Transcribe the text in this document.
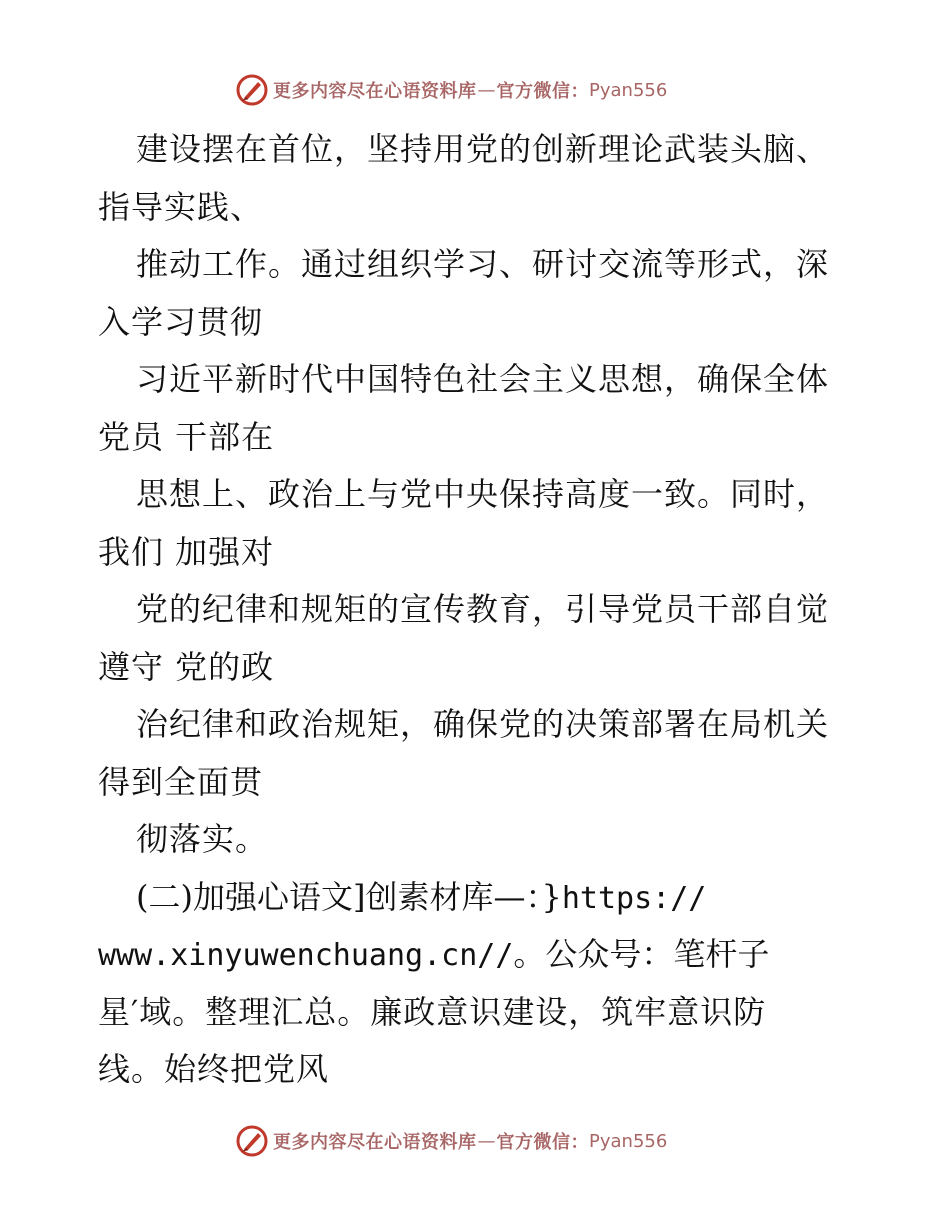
更多内容尽在心语资料库 — 官方微信： Pyan556
建设摆在首位，坚持用党的创新理论武装头脑、
指导实践、
推动工作。通过组织学习、研讨交流等形式，深
入学习贯彻
习近平新时代中国特色社会主义思想，确保全体
党员 干部在
思想上、政治上与党中央保持高度一致。同时，
我们 加强对
党的纪律和规矩的宣传教育，引导党员干部自觉
遵守 党的政
治纪律和政治规矩，确保党的决策部署在局机关
得到全面贯
彻落实。
(二)加强心语文]创素材库—：}https://
www.xinyuwenchuang.cn//。公众号：笔杆子
星′域。整理汇总。廉政意识建设，筑牢意识防
线。始终把党风
更多内容尽在心语资料库 — 官方微信： Pyan556
